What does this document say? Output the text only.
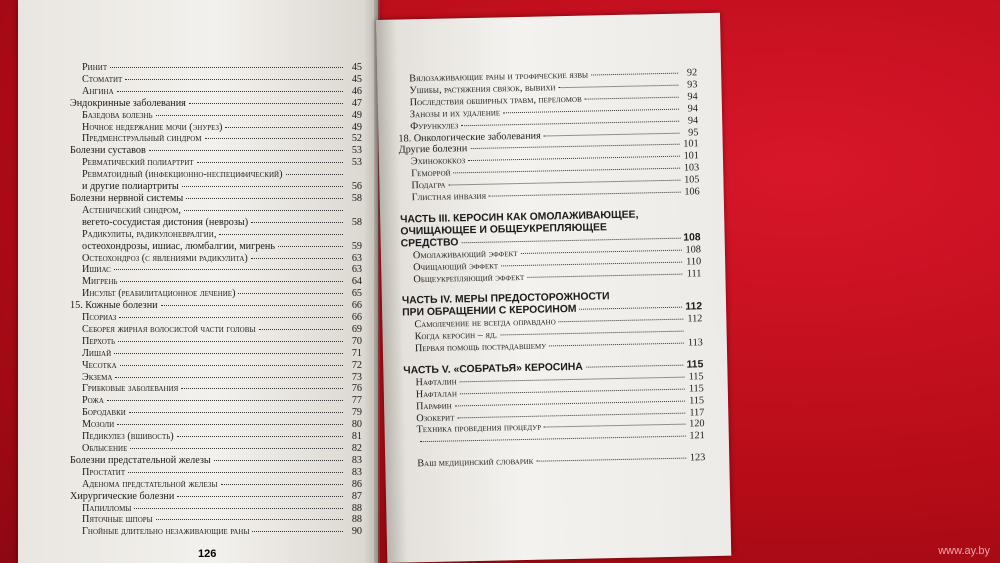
Ринит	45
Стоматит	45
Ангина	46
Эндокринные заболевания	47
Базедова болезнь	49
Ночное недержание мочи (энурез)	49
Предменструальный синдром	52
Болезни суставов	53
Ревматический полиартрит	53
Ревматоидный (инфекционно-неспецифический)
и другие полиартриты	56
Болезни нервной системы	58
Астенический синдром,
вегето-сосудистая дистония (неврозы)	58
Радикулиты, радикулоневралгии,
остеохондрозы, ишиас, люмбалгии, мигрень	59
Остеохондроз (с явлениями радикулита)	63
Ишиас	63
Мигрень	64
Инсульт (реабилитационное лечение)	65
15. Кожные болезни	66
Псориаз	66
Себорея жирная волосистой части головы	69
Перхоть	70
Лишай	71
Чесотка	72
Экзема	73
Грибковые заболевания	76
Рожа	77
Бородавки	79
Мозоли	80
Педикулез (вшивость)	81
Облысение	82
Болезни предстательной железы	83
Простатит	83
Аденома предстательной железы	86
Хирургические болезни	87
Папилломы	88
Пяточные шпоры	88
Гнойные длительно незаживающие раны	90
126
Вялозаживающие раны и трофические язвы	92
Ушибы, растяжения связок, вывихи	93
Последствия обширных травм, переломов	94
Занозы и их удаление	94
Фурункулез	94
18. Онкологические заболевания	95
Другие болезни	101
Эхинококкоз	101
Геморрой	103
Подагра	105
Глистная инвазия	106
ЧАСТЬ III. КЕРОСИН КАК ОМОЛАЖИВАЮЩЕЕ,
ОЧИЩАЮЩЕЕ И ОБЩЕУКРЕПЛЯЮЩЕЕ
СРЕДСТВО	108
Омолаживающий эффект	108
Очищающий эффект	110
Общеукрепляющий эффект	111
ЧАСТЬ IV. МЕРЫ ПРЕДОСТОРОЖНОСТИ
ПРИ ОБРАЩЕНИИ С КЕРОСИНОМ	112
Самолечение не всегда оправдано	112
Когда керосин – яд.
Первая помощь пострадавшему	113
ЧАСТЬ V. «СОБРАТЬЯ» КЕРОСИНА	115
Нафталин	115
Нафталан	115
Парафин	115
Озокерит	117
Техника проведения процедур	120
121
Ваш медицинский словарик	123
www.ay.by
